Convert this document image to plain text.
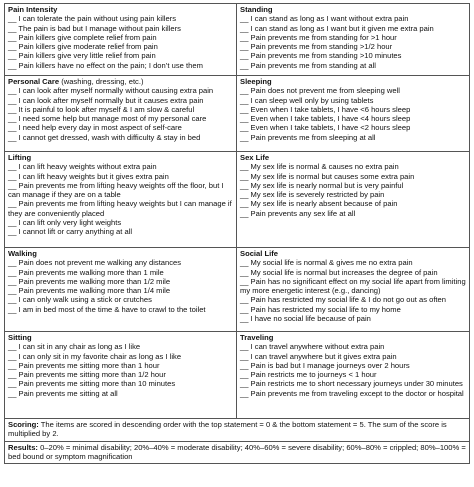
Pain Intensity
__ I can tolerate the pain without using pain killers
__ The pain is bad but I manage without pain killers
__ Pain killers give complete relief from pain
__ Pain killers give moderate relief from pain
__ Pain killers give very little relief from pain
__ Pain killers have no effect on the pain; I don’t use them
Standing
__ I can stand as long as I want without extra pain
__ I can stand as long as I want but it given me extra pain
__ Pain prevents me from standing for >1 hour
__ Pain prevents me from standing >1/2 hour
__ Pain prevents me from standing >10 minutes
__ Pain prevents me from standing at all
Personal Care (washing, dressing, etc.)
__ I can look after myself normally without causing extra pain
__ I can look after myself normally but it causes extra pain
__ It is painful to look after myself & I am slow & careful
__ I need some help but manage most of my personal care
__ I need help every day in most aspect of self-care
__ I cannot get dressed, wash with difficulty & stay in bed
Sleeping
__ Pain does not prevent me from sleeping well
__ I can sleep well only by using tablets
__ Even when I take tablets, I have <6 hours sleep
__ Even when I take tablets, I have <4 hours sleep
__ Even when I take tablets, I have <2 hours sleep
__ Pain prevents me from sleeping at all
Lifting
__ I can lift heavy weights without extra pain
__ I can lift heavy weights but it gives extra pain
__ Pain prevents me from lifting heavy weights off the floor, but I can manage if they are on a table
__ Pain prevents me from lifting heavy weights but I can manage if they are conveniently placed
__ I can lift only very light weights
__ I cannot lift or carry anything at all
Sex Life
__ My sex life is normal & causes no extra pain
__ My sex life is normal but causes some extra pain
__ My sex life is nearly normal but is very painful
__ My sex life is severely restricted by pain
__ My sex life is nearly absent because of pain
__ Pain prevents any sex life at all
Walking
__ Pain does not prevent me walking any distances
__ Pain prevents me walking more than 1 mile
__ Pain prevents me walking more than 1/2 mile
__ Pain prevents me walking more than 1/4 mile
__ I can only walk using a stick or crutches
__ I am in bed most of the time & have to crawl to the toilet
Social Life
__ My social life is normal & gives me no extra pain
__ My social life is normal but increases the degree of pain
__ Pain has no significant effect on my social life apart from limiting my more energetic interest (e.g., dancing)
__ Pain has restricted my social life & I do not go out as often
__ Pain has restricted my social life to my home
__ I have no social life because of pain
Sitting
__ I can sit in any chair as long as I like
__ I can only sit in my favorite chair as long as I like
__ Pain prevents me sitting more than 1 hour
__ Pain prevents me sitting more than 1/2 hour
__ Pain prevents me sitting more than 10 minutes
__ Pain prevents me sitting at all
Traveling
__ I can travel anywhere without extra pain
__ I can travel anywhere but it gives extra pain
__ Pain is bad but I manage journeys over 2 hours
__ Pain restricts me to journeys < 1 hour
__ Pain restricts me to short necessary journeys under 30 minutes
__ Pain prevents me from traveling except to the doctor or hospital
Scoring: The items are scored in descending order with the top statement = 0 & the bottom statement = 5. The sum of the score is multiplied by 2.
Results: 0–20% = minimal disability; 20%–40% = moderate disability; 40%–60% = severe disability; 60%–80% = crippled; 80%–100% = bed bound or symptom magnification
